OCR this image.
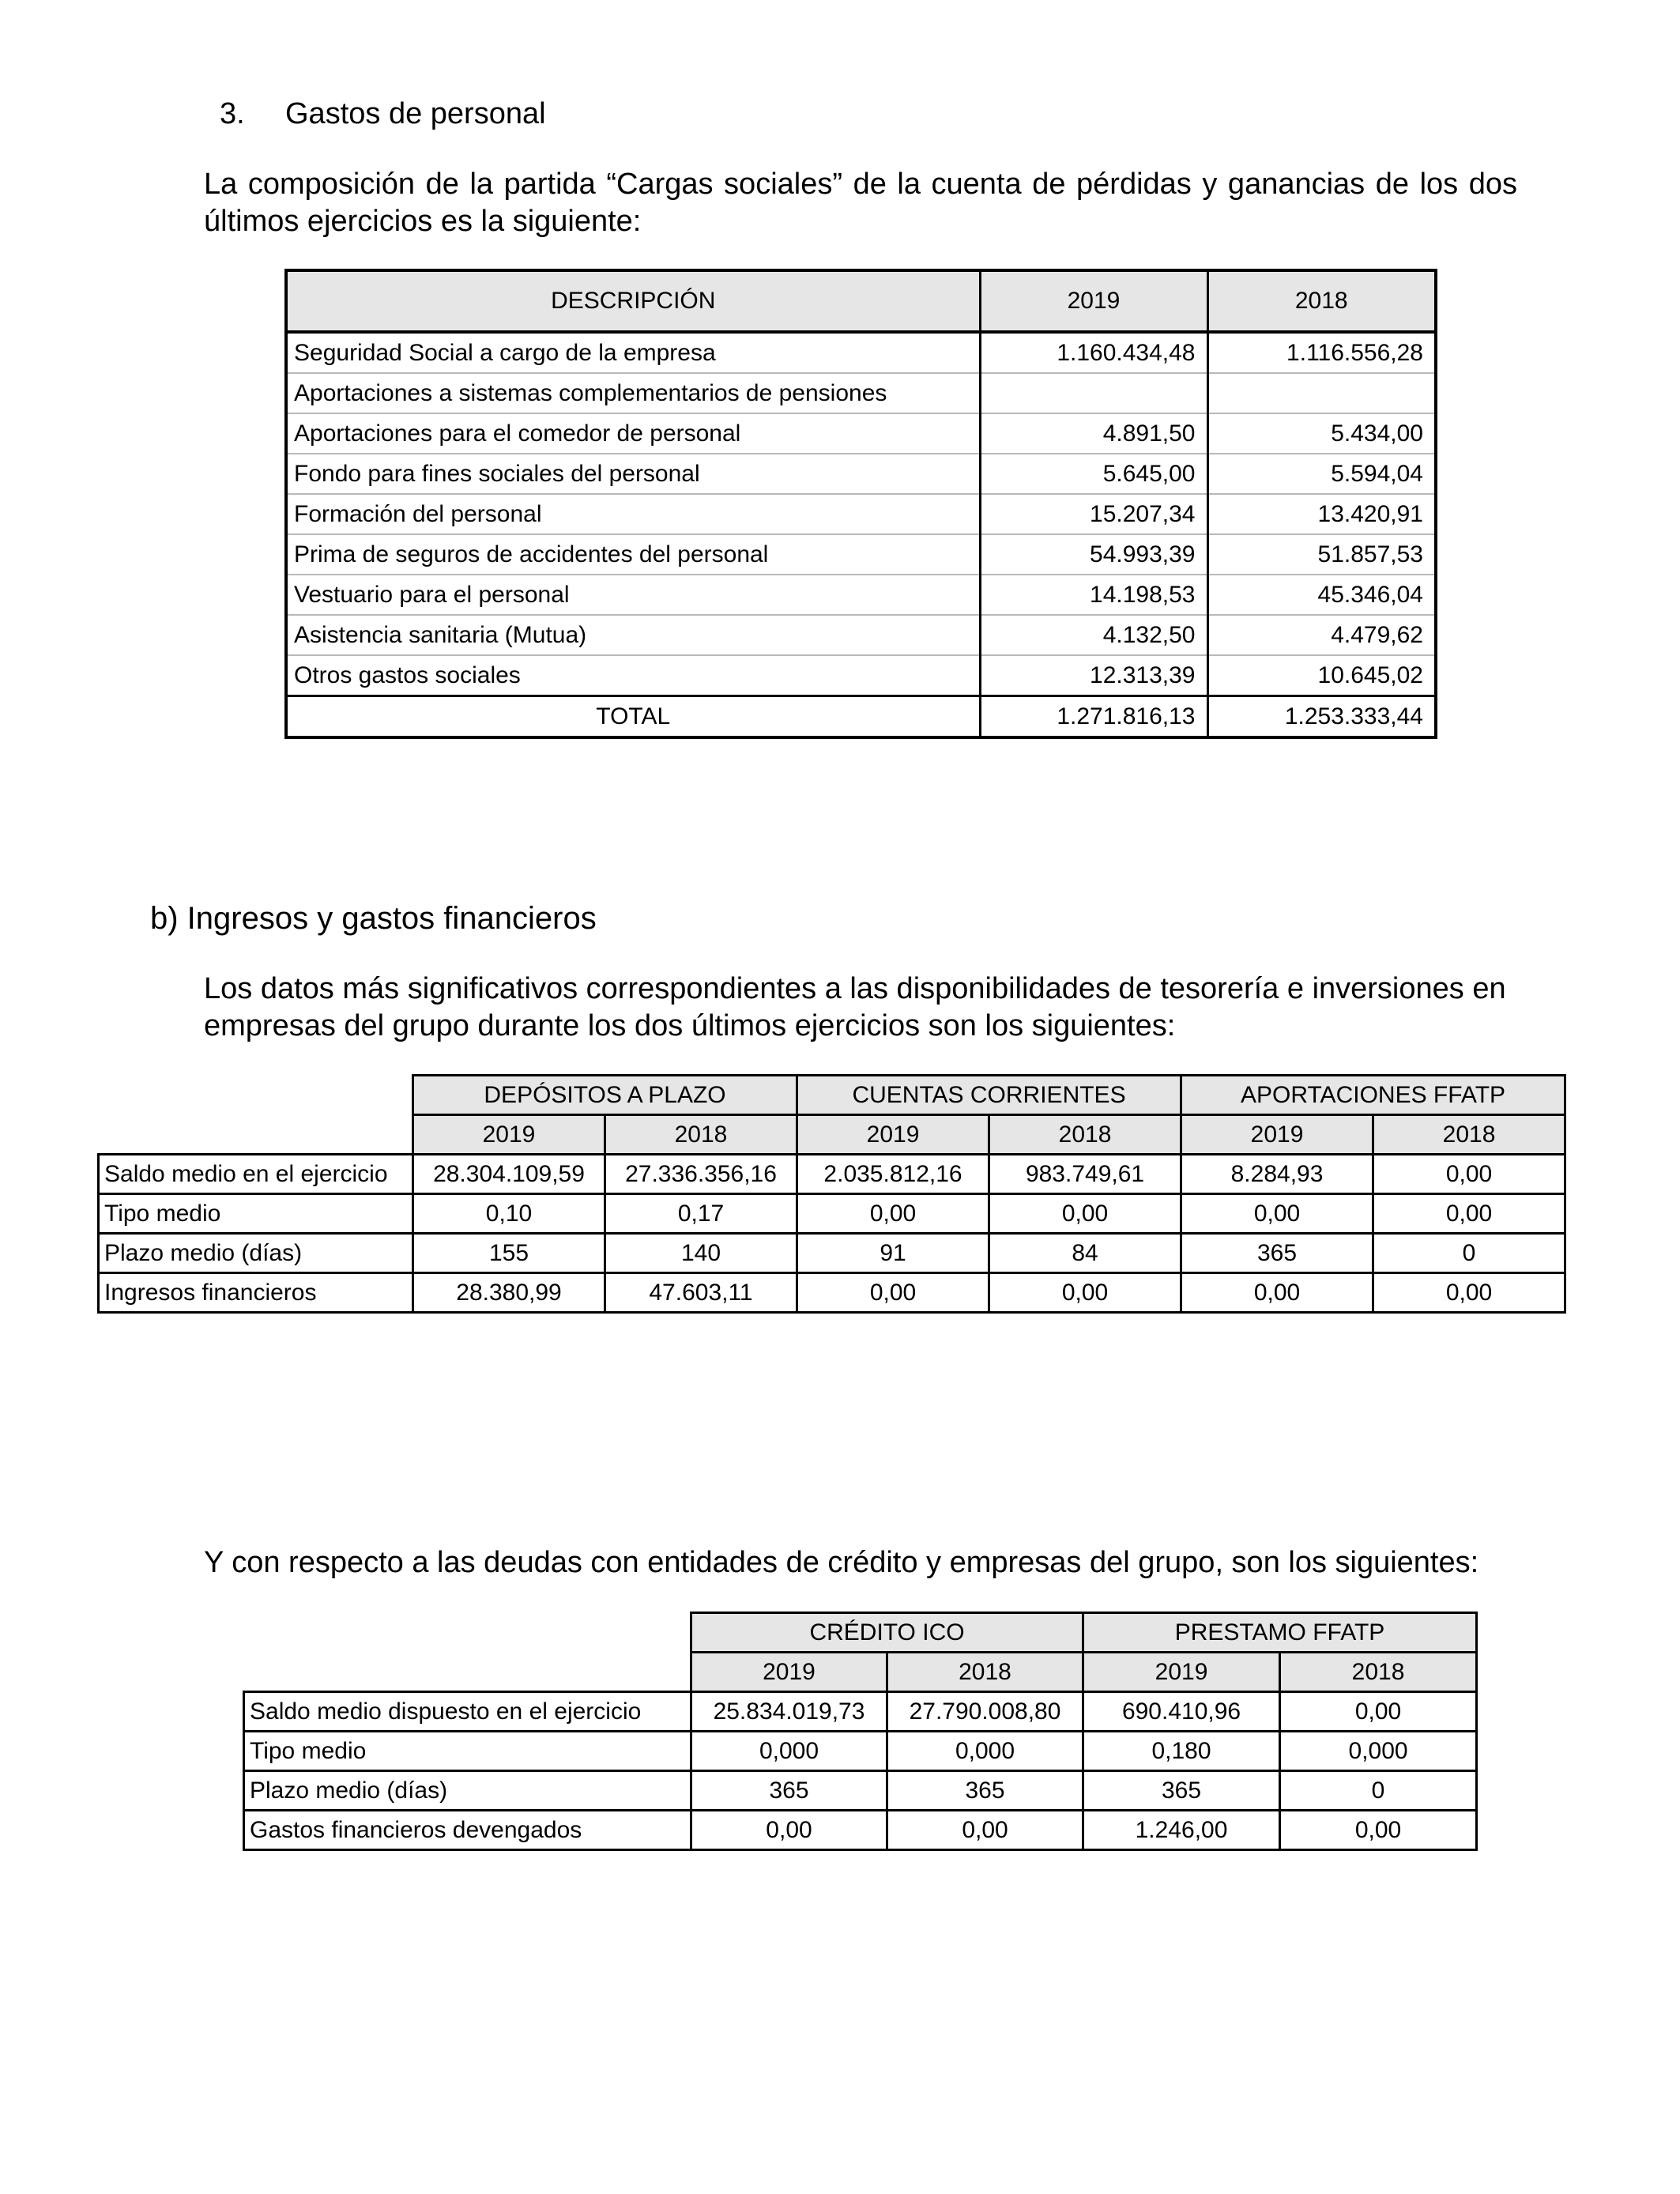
3. Gastos de personal
La composición de la partida “Cargas sociales” de la cuenta de pérdidas y ganancias de los dos últimos ejercicios es la siguiente:
DESCRIPCIÓN	2019	2018
Seguridad Social a cargo de la empresa	1.160.434,48	1.116.556,28
Aportaciones a sistemas complementarios de pensiones		
Aportaciones para el comedor de personal	4.891,50	5.434,00
Fondo para fines sociales del personal	5.645,00	5.594,04
Formación del personal	15.207,34	13.420,91
Prima de seguros de accidentes del personal	54.993,39	51.857,53
Vestuario para el personal	14.198,53	45.346,04
Asistencia sanitaria (Mutua)	4.132,50	4.479,62
Otros gastos sociales	12.313,39	10.645,02
TOTAL	1.271.816,13	1.253.333,44
b) Ingresos y gastos financieros
Los datos más significativos correspondientes a las disponibilidades de tesorería e inversiones en empresas del grupo durante los dos últimos ejercicios son los siguientes:
	DEPÓSITOS A PLAZO		CUENTAS CORRIENTES		APORTACIONES FFATP	
	2019	2018	2019	2018	2019	2018
Saldo medio en el ejercicio	28.304.109,59	27.336.356,16	2.035.812,16	983.749,61	8.284,93	0,00
Tipo medio	0,10	0,17	0,00	0,00	0,00	0,00
Plazo medio (días)	155	140	91	84	365	0
Ingresos financieros	28.380,99	47.603,11	0,00	0,00	0,00	0,00
Y con respecto a las deudas con entidades de crédito y empresas del grupo, son los siguientes:
	CRÉDITO ICO		PRESTAMO FFATP	
	2019	2018	2019	2018
Saldo medio dispuesto en el ejercicio	25.834.019,73	27.790.008,80	690.410,96	0,00
Tipo medio	0,000	0,000	0,180	0,000
Plazo medio (días)	365	365	365	0
Gastos financieros devengados	0,00	0,00	1.246,00	0,00
